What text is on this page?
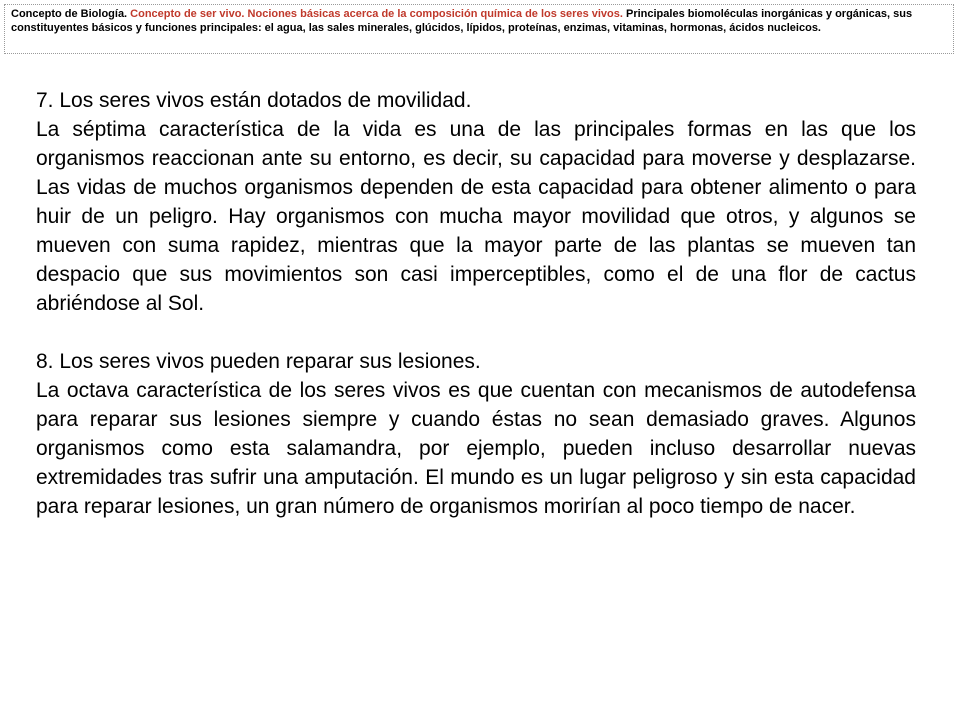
Concepto de Biología. Concepto de ser vivo. Nociones básicas acerca de la composición química de los seres vivos. Principales biomoléculas inorgánicas y orgánicas, sus constituyentes básicos y funciones principales: el agua, las sales minerales, glúcidos, lípidos, proteínas, enzimas, vitaminas, hormonas, ácidos nucleicos.

7. Los seres vivos están dotados de movilidad.

La séptima característica de la vida es una de las principales formas en las que los organismos reaccionan ante su entorno, es decir, su capacidad para moverse y desplazarse. Las vidas de muchos organismos dependen de esta capacidad para obtener alimento o para huir de un peligro. Hay organismos con mucha mayor movilidad que otros, y algunos se mueven con suma rapidez, mientras que la mayor parte de las plantas se mueven tan despacio que sus movimientos son casi imperceptibles, como el de una flor de cactus abriéndose al Sol.

8. Los seres vivos pueden reparar sus lesiones.

La octava característica de los seres vivos es que cuentan con mecanismos de autodefensa para reparar sus lesiones siempre y cuando éstas no sean demasiado graves. Algunos organismos como esta salamandra, por ejemplo, pueden incluso desarrollar nuevas extremidades tras sufrir una amputación. El mundo es un lugar peligroso y sin esta capacidad para reparar lesiones, un gran número de organismos morirían al poco tiempo de nacer.
